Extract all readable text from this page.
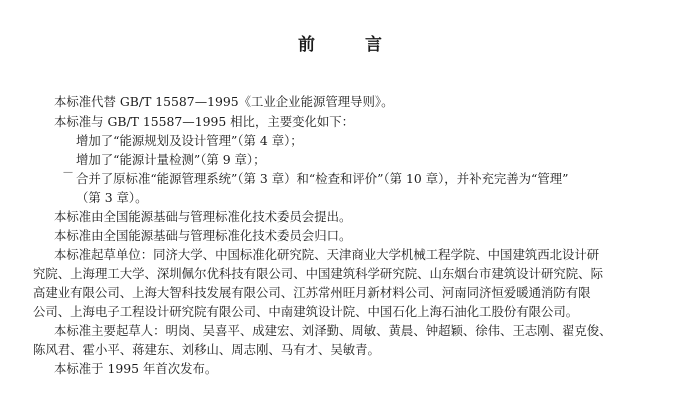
前 言
本标准代替 GB/T 15587—1995《工业企业能源管理导则》。
本标准与 GB/T 15587—1995 相比，主要变化如下：
增加了“能源规划及设计管理”（第 4 章）；
增加了“能源计量检测”（第 9 章）；
— 合并了原标准“能源管理系统”（第 3 章）和“检查和评价”（第 10 章），并补充完善为“管理”
（第 3 章）。
本标准由全国能源基础与管理标准化技术委员会提出。
本标准由全国能源基础与管理标准化技术委员会归口。
本标准起草单位：同济大学、中国标准化研究院、天津商业大学机械工程学院、中国建筑西北设计研
究院、上海理工大学、深圳佩尔优科技有限公司、中国建筑科学研究院、山东烟台市建筑设计研究院、际
高建业有限公司、上海大智科技发展有限公司、江苏常州旺月新材料公司、河南同济恒爱暖通消防有限
公司、上海电子工程设计研究院有限公司、中南建筑设计院、中国石化上海石油化工股份有限公司。
本标准主要起草人：明岗、吴喜平、成建宏、刘泽勤、周敏、黄晨、钟超颖、徐伟、王志刚、翟克俊、
陈风君、霍小平、蒋建东、刘移山、周志刚、马有才、吴敏青。
本标准于 1995 年首次发布。
